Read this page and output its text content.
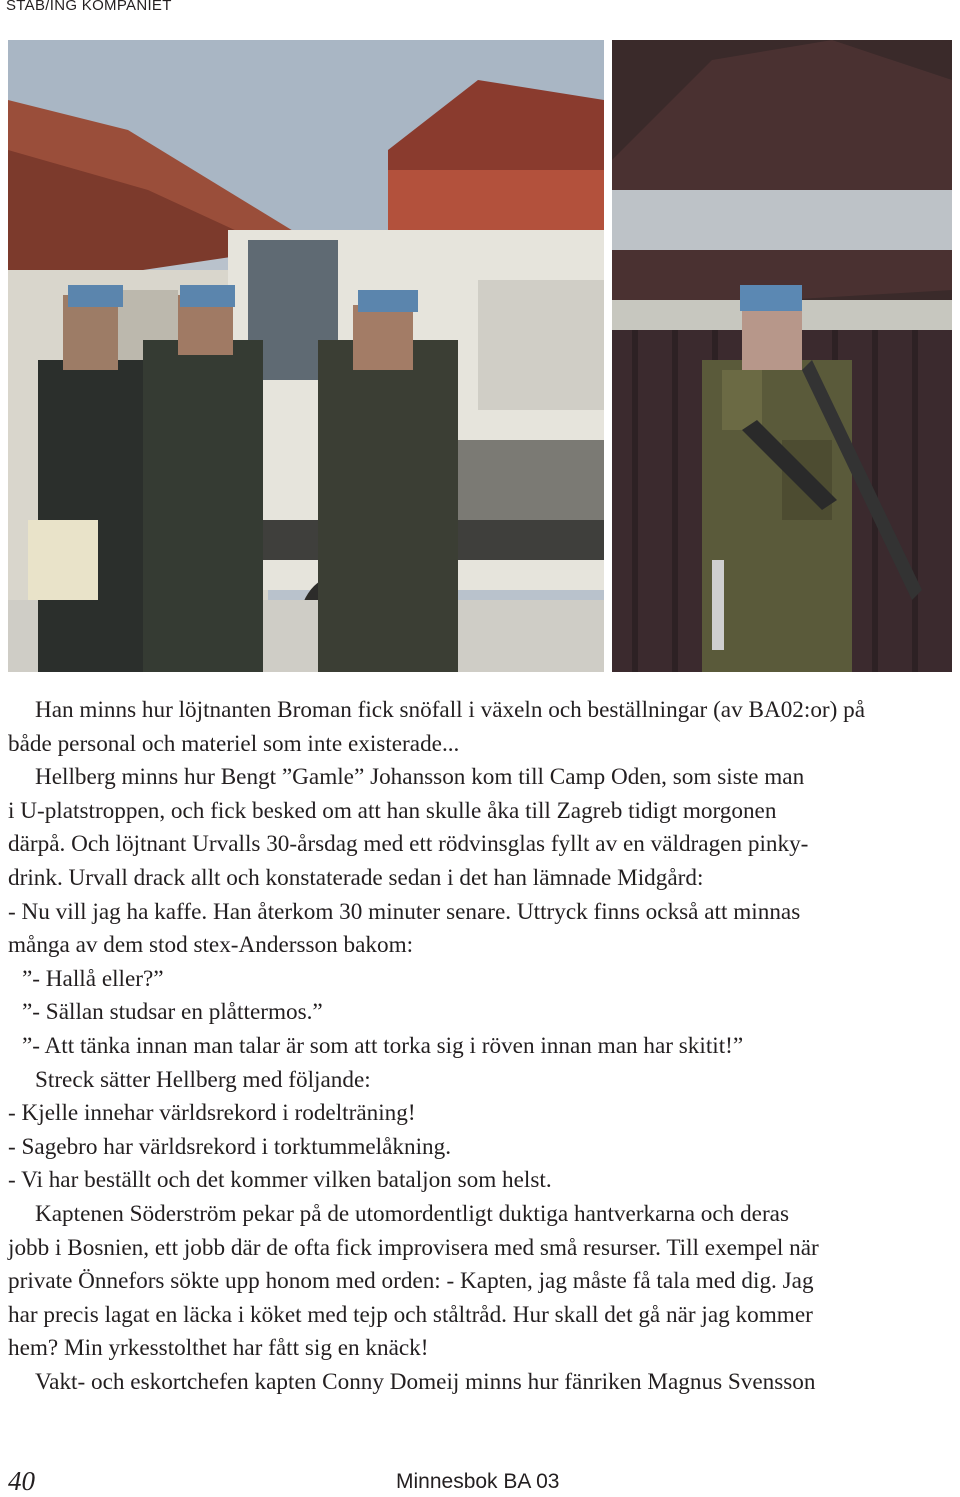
STAB/ING KOMPANIET
Han minns hur löjtnanten Broman fick snöfall i växeln och beställningar (av BA02:or) på
både personal och materiel som inte existerade...
Hellberg minns hur Bengt ”Gamle” Johansson kom till Camp Oden, som siste man
i U-platstroppen, och fick besked om att han skulle åka till Zagreb tidigt morgonen
därpå. Och löjtnant Urvalls 30-årsdag med ett rödvinsglas fyllt av en väldragen pinky-
drink. Urvall drack allt och konstaterade sedan i det han lämnade Midgård:
- Nu vill jag ha kaffe. Han återkom 30 minuter senare. Uttryck finns också att minnas
många av dem stod stex-Andersson bakom:
”- Hallå eller?”
”- Sällan studsar en plåttermos.”
”- Att tänka innan man talar är som att torka sig i röven innan man har skitit!”
Streck sätter Hellberg med följande:
- Kjelle innehar världsrekord i rodelträning!
- Sagebro har världsrekord i torktummelåkning.
- Vi har beställt och det kommer vilken bataljon som helst.
Kaptenen Söderström pekar på de utomordentligt duktiga hantverkarna och deras
jobb i Bosnien, ett jobb där de ofta fick improvisera med små resurser. Till exempel när
private Önnefors sökte upp honom med orden: - Kapten, jag måste få tala med dig. Jag
har precis lagat en läcka i köket med tejp och ståltråd. Hur skall det gå när jag kommer
hem? Min yrkesstolthet har fått sig en knäck!
Vakt- och eskortchefen kapten Conny Domeij minns hur fänriken Magnus Svensson
40	Minnesbok BA 03
